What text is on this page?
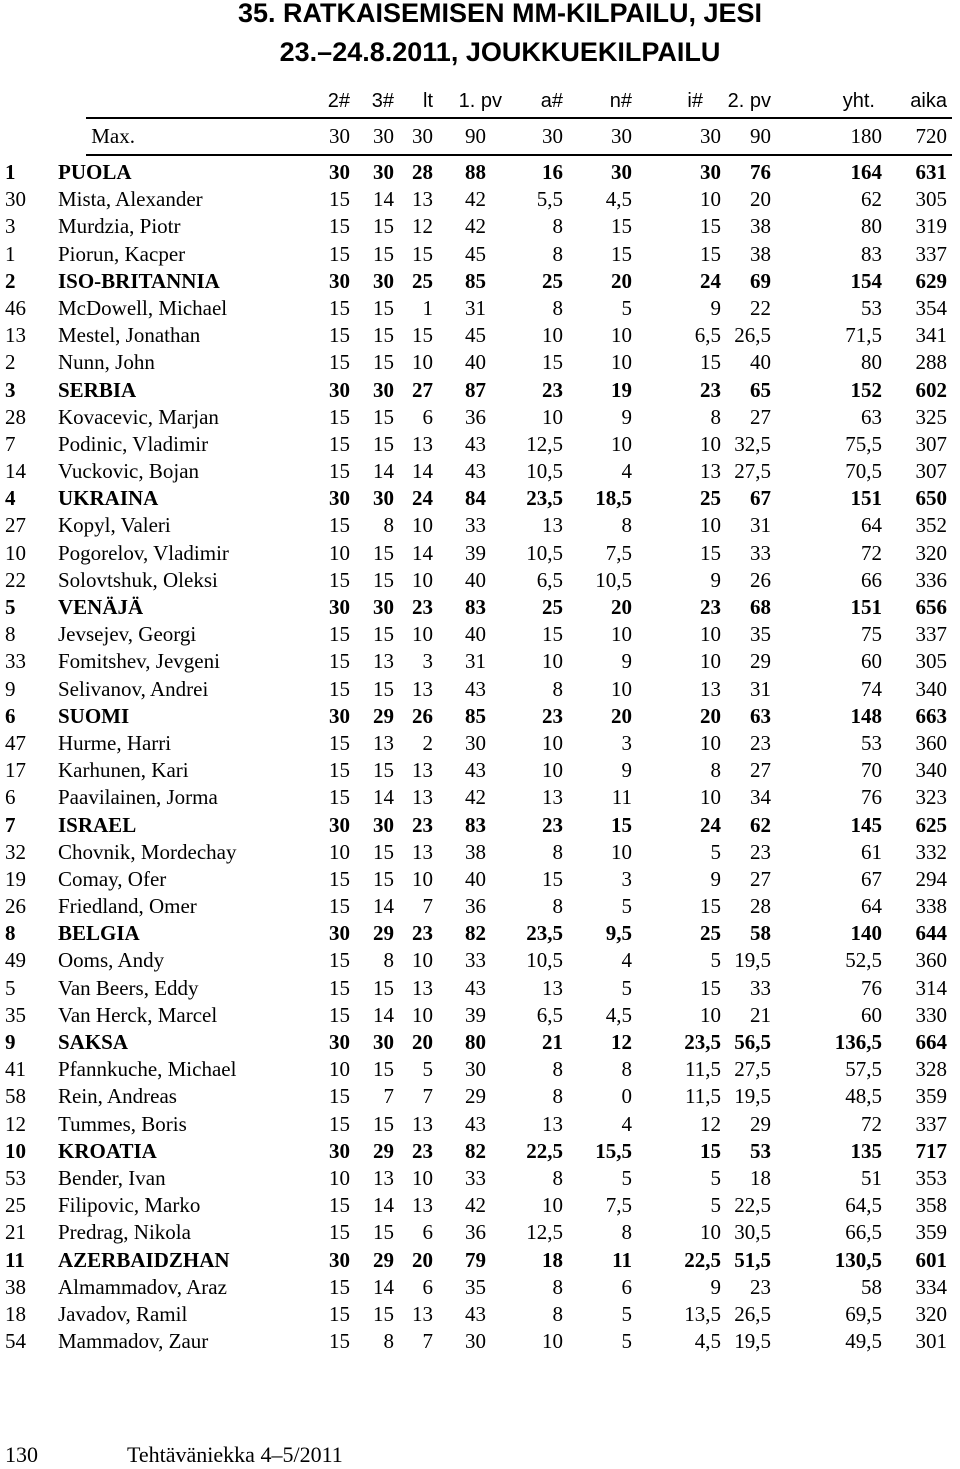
35. RATKAISEMISEN MM-KILPAILU, JESI
23.–24.8.2011, JOUKKUEKILPAILU
2# 3# lt 1. pv a# n#	i# 2. pv	yht. aika
Max.	30 30 30 90	30 30	30 90	180 720
1 PUOLA	30 30 28 88	16 30	30 76	164 631
30 Mista, Alexander	15 14 13 42 5,5 4,5	10 20	62 305
3 Murdzia, Piotr	15 15 12 42	8 15	15 38	80 319
1 Piorun, Kacper	15 15 15 45	8 15	15 38	83 337
2 ISO-BRITANNIA	30 30 25 85	25 20	24 69	154 629
46 McDowell, Michael	15 15 1 31	8	5	9 22	53 354
13 Mestel, Jonathan	15 15 15 45	10 10	6,5 26,5	71,5 341
2 Nunn, John	15 15 10 40	15 10	15 40	80 288
3 SERBIA	30 30 27 87	23 19	23 65	152 602
28 Kovacevic, Marjan	15 15 6 36	10	9	8 27	63 325
7 Podinic, Vladimir	15 15 13 43 12,5 10	10 32,5	75,5 307
14 Vuckovic, Bojan	15 14 14 43 10,5	4	13 27,5	70,5 307
4 UKRAINA	30 30 24 84 23,5 18,5	25 67	151 650
27 Kopyl, Valeri	15 8 10 33	13	8	10 31	64 352
10 Pogorelov, Vladimir	10 15 14 39 10,5 7,5	15 33	72 320
22 Solovtshuk, Oleksi	15 15 10 40 6,5 10,5	9 26	66 336
5 VENÄJÄ	30 30 23 83	25 20	23 68	151 656
8 Jevsejev, Georgi	15 15 10 40	15 10	10 35	75 337
33 Fomitshev, Jevgeni	15 13 3 31	10	9	10 29	60 305
9 Selivanov, Andrei	15 15 13 43	8 10	13 31	74 340
6 SUOMI	30 29 26 85	23 20	20 63	148 663
47 Hurme, Harri	15 13 2 30	10	3	10 23	53 360
17 Karhunen, Kari	15 15 13 43	10	9	8 27	70 340
6 Paavilainen, Jorma	15 14 13 42	13 11	10 34	76 323
7 ISRAEL	30 30 23 83	23 15	24 62	145 625
32 Chovnik, Mordechay	10 15 13 38	8 10	5 23	61 332
19 Comay, Ofer	15 15 10 40	15	3	9 27	67 294
26 Friedland, Omer	15 14 7 36	8	5	15 28	64 338
8 BELGIA	30 29 23 82 23,5 9,5	25 58	140 644
49 Ooms, Andy	15 8 10 33 10,5	4	5 19,5	52,5 360
5 Van Beers, Eddy	15 15 13 43	13	5	15 33	76 314
35 Van Herck, Marcel	15 14 10 39 6,5 4,5	10 21	60 330
9 SAKSA	30 30 20 80	21 12 23,5 56,5	136,5 664
41 Pfannkuche, Michael	10 15 5 30	8	8	11,5 27,5	57,5 328
58 Rein, Andreas	15 7 7 29	8	0	11,5 19,5	48,5 359
12 Tummes, Boris	15 15 13 43	13	4	12 29	72 337
10 KROATIA	30 29 23 82 22,5 15,5	15 53	135 717
53 Bender, Ivan	10 13 10 33	8	5	5 18	51 353
25 Filipovic, Marko	15 14 13 42	10 7,5	5 22,5	64,5 358
21 Predrag, Nikola	15 15 6 36 12,5	8	10 30,5	66,5 359
11 AZERBAIDZHAN	30 29 20 79	18 11 22,5 51,5	130,5 601
38 Almammadov, Araz	15 14 6 35	8	6	9 23	58 334
18 Javadov, Ramil	15 15 13 43	8	5 13,5 26,5	69,5 320
54 Mammadov, Zaur	15 8 7 30	10	5	4,5 19,5	49,5 301
130	Tehtäväniekka 4–5/2011
